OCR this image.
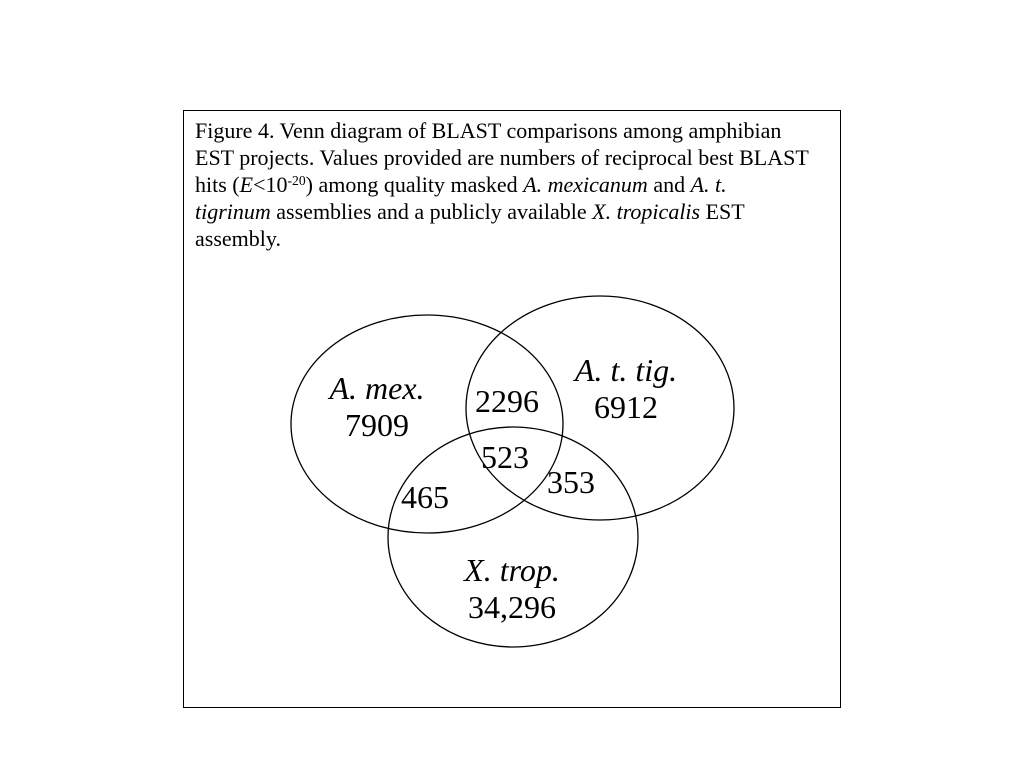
Figure 4. Venn diagram of BLAST comparisons among amphibian
EST projects. Values provided are numbers of reciprocal best BLAST
hits $(E<10^{-20})$ among quality masked A. mexicanum and A. t.
tigrinum assemblies and a publicly available X. tropicalis EST
assembly.
A. mex.
7909
A. t. tig.
6912
X. trop.
34,296
2296
523
465	353
